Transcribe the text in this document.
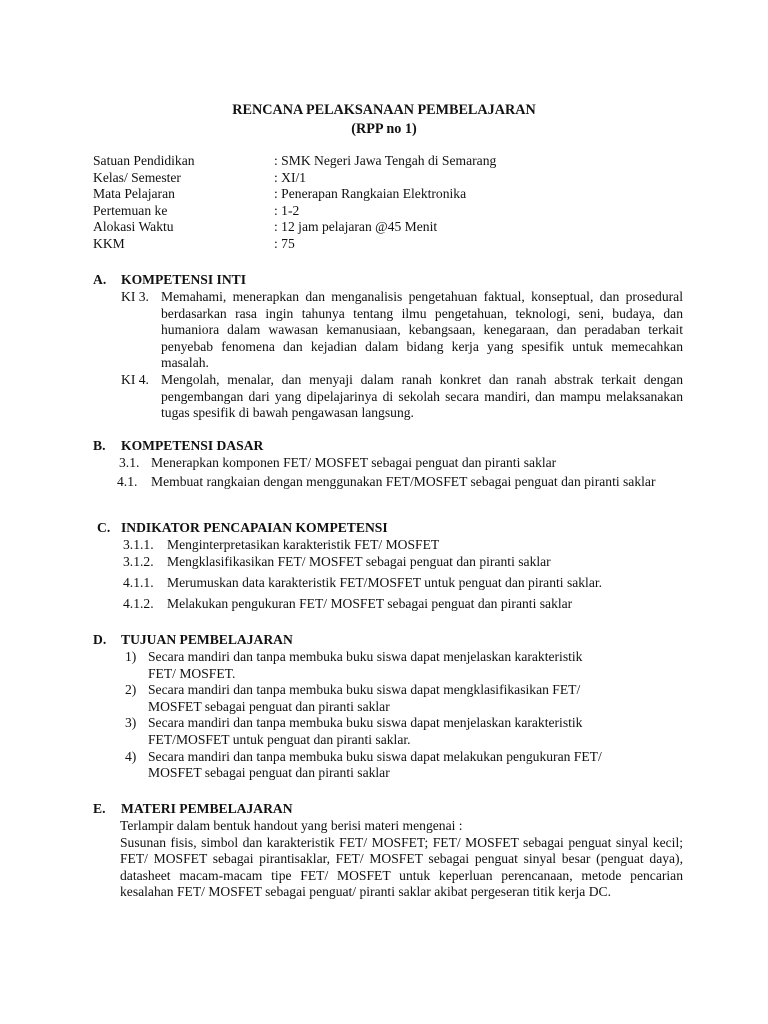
RENCANA PELAKSANAAN PEMBELAJARAN
(RPP no 1)
Satuan Pendidikan	: SMK Negeri Jawa Tengah di Semarang
Kelas/ Semester	: XI/1
Mata Pelajaran	: Penerapan Rangkaian Elektronika
Pertemuan ke	: 1-2
Alokasi Waktu	: 12 jam pelajaran @45 Menit
KKM	: 75
A. KOMPETENSI INTI
KI 3. Memahami, menerapkan dan menganalisis pengetahuan faktual, konseptual, dan prosedural berdasarkan rasa ingin tahunya tentang ilmu pengetahuan, teknologi, seni, budaya, dan humaniora dalam wawasan kemanusiaan, kebangsaan, kenegaraan, dan peradaban terkait penyebab fenomena dan kejadian dalam bidang kerja yang spesifik untuk memecahkan masalah.
KI 4. Mengolah, menalar, dan menyaji dalam ranah konkret dan ranah abstrak terkait dengan pengembangan dari yang dipelajarinya di sekolah secara mandiri, dan mampu melaksanakan tugas spesifik di bawah pengawasan langsung.
B. KOMPETENSI DASAR
3.1. Menerapkan komponen FET/ MOSFET sebagai penguat dan piranti saklar
4.1. Membuat rangkaian dengan menggunakan FET/MOSFET sebagai penguat dan piranti saklar
C. INDIKATOR PENCAPAIAN KOMPETENSI
3.1.1. Menginterpretasikan karakteristik FET/ MOSFET
3.1.2. Mengklasifikasikan FET/ MOSFET sebagai penguat dan piranti saklar
4.1.1. Merumuskan data karakteristik FET/MOSFET untuk penguat dan piranti saklar.
4.1.2. Melakukan pengukuran FET/ MOSFET sebagai penguat dan piranti saklar
D. TUJUAN PEMBELAJARAN
1) Secara mandiri dan tanpa membuka buku siswa dapat menjelaskan karakteristik
FET/ MOSFET.
2) Secara mandiri dan tanpa membuka buku siswa dapat mengklasifikasikan FET/
MOSFET sebagai penguat dan piranti saklar
3) Secara mandiri dan tanpa membuka buku siswa dapat menjelaskan karakteristik
FET/MOSFET untuk penguat dan piranti saklar.
4) Secara mandiri dan tanpa membuka buku siswa dapat melakukan pengukuran FET/
MOSFET sebagai penguat dan piranti saklar
E. MATERI PEMBELAJARAN
Terlampir dalam bentuk handout yang berisi materi mengenai :
Susunan fisis, simbol dan karakteristik FET/ MOSFET; FET/ MOSFET sebagai penguat sinyal kecil; FET/ MOSFET sebagai pirantisaklar, FET/ MOSFET sebagai penguat sinyal besar (penguat daya), datasheet macam-macam tipe FET/ MOSFET untuk keperluan perencanaan, metode pencarian kesalahan FET/ MOSFET sebagai penguat/ piranti saklar akibat pergeseran titik kerja DC.
